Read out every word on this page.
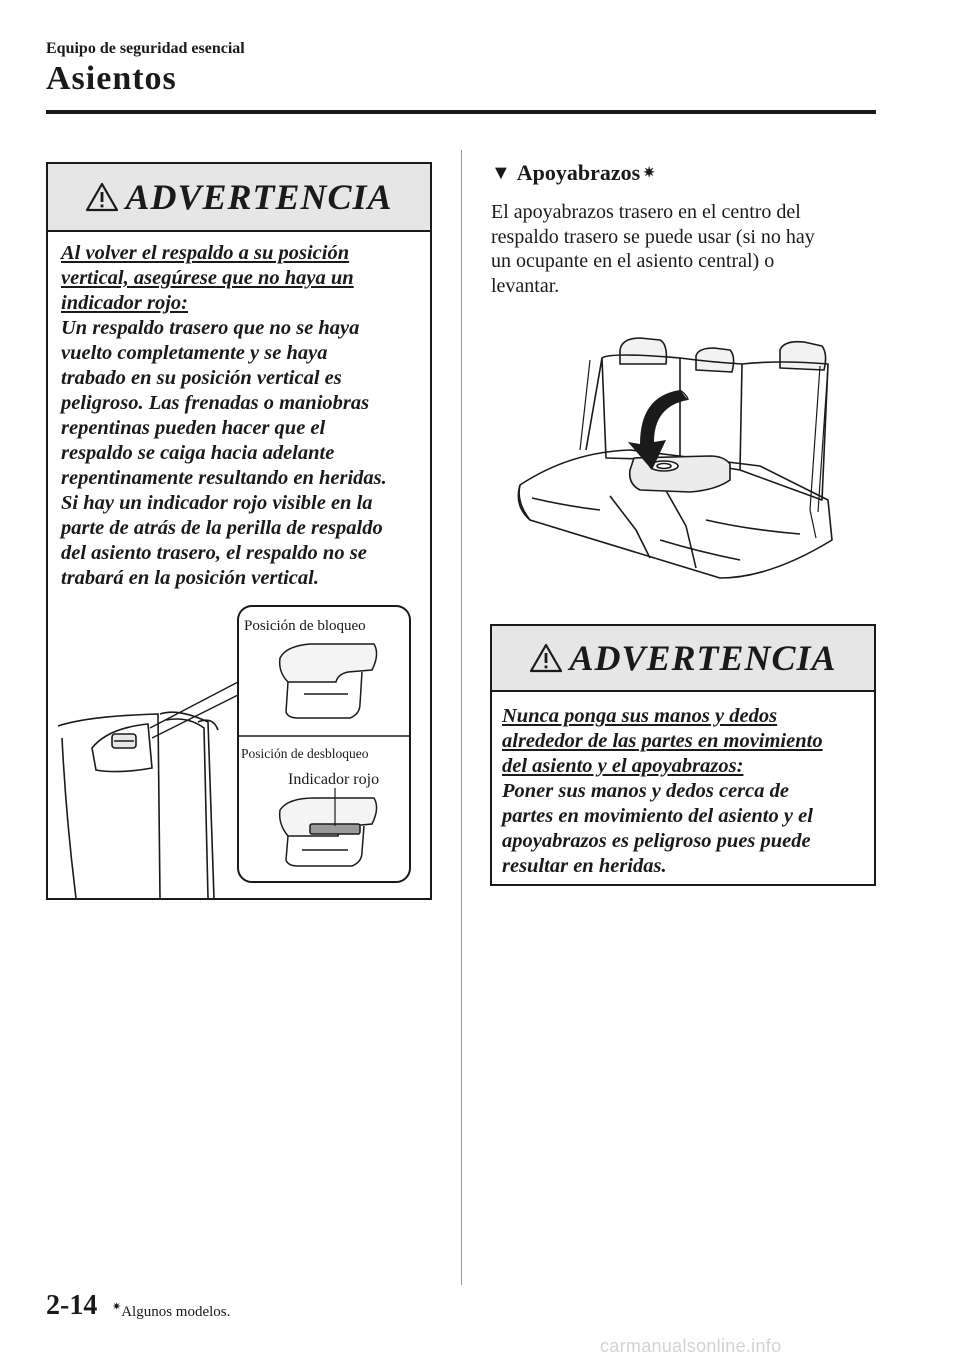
Equipo de seguridad esencial
Asientos
ADVERTENCIA
Al volver el respaldo a su posición
vertical, asegúrese que no haya un
indicador rojo:
Un respaldo trasero que no se haya
vuelto completamente y se haya
trabado en su posición vertical es
peligroso. Las frenadas o maniobras
repentinas pueden hacer que el
respaldo se caiga hacia adelante
repentinamente resultando en heridas.
Si hay un indicador rojo visible en la
parte de atrás de la perilla de respaldo
del asiento trasero, el respaldo no se
trabará en la posición vertical.
Posición de bloqueo
Posición de desbloqueo
Indicador rojo
▼ Apoyabrazos ✷
El apoyabrazos trasero en el centro del
respaldo trasero se puede usar (si no hay
un ocupante en el asiento central) o
levantar.
ADVERTENCIA
Nunca ponga sus manos y dedos
alrededor de las partes en movimiento
del asiento y el apoyabrazos:
Poner sus manos y dedos cerca de
partes en movimiento del asiento y el
apoyabrazos es peligroso pues puede
resultar en heridas.
2-14 ✷Algunos modelos.
carmanualsonline.info
